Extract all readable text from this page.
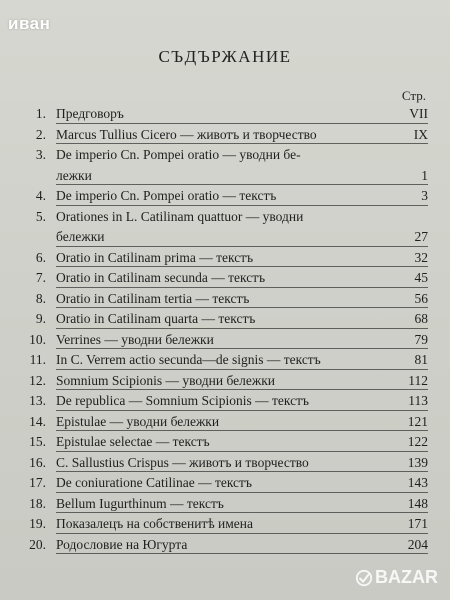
иван
СЪДЪРЖАНИЕ
Стр.
1. Предговоръ	VII
2. Marcus Tullius Cicero — животъ и творчество	IX
3. De imperio Cn. Pompei oratio — уводни бе-
лежки	1
4. De imperio Cn. Pompei oratio — текстъ	3
5. Orationes in L. Catilinam quattuor — уводни
бележки	27
6. Oratio in Catilinam prima — текстъ	32
7. Oratio in Catilinam secunda — текстъ	45
8. Oratio in Catilinam tertia — текстъ	56
9. Oratio in Catilinam quarta — текстъ	68
10. Verrines — уводни бележки	79
11. In C. Verrem actio secunda—de signis — текстъ	81
12. Somnium Scipionis — уводни бележки	112
13. De republica — Somnium Scipionis — текстъ	113
14. Epistulae — уводни бележки	121
15. Epistulae selectae — текстъ	122
16. C. Sallustius Crispus — животъ и творчество	139
17. De coniuratione Catilinae — текстъ	143
18. Bellum Iugurthinum — текстъ	148
19. Показалецъ на собственитѣ имена	171
20. Родословие на Югурта	204
BAZAR
